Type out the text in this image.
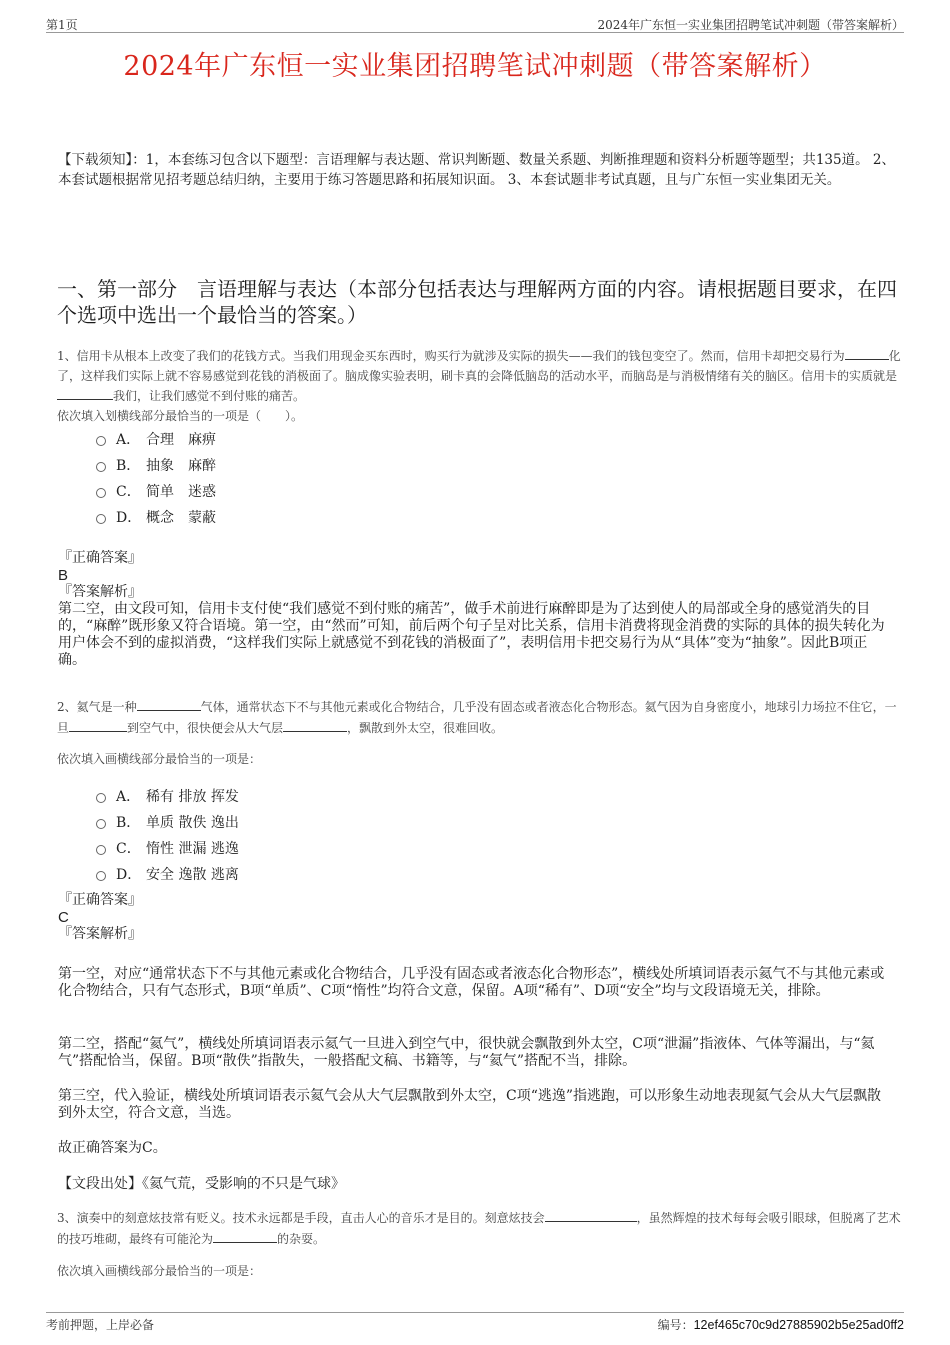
第1页	2024年广东恒一实业集团招聘笔试冲刺题（带答案解析）
2024年广东恒一实业集团招聘笔试冲刺题（带答案解析）
【下载须知】：1，本套练习包含以下题型：言语理解与表达题、常识判断题、数量关系题、判断推理题和资料分析题等题型；共135道。 2、本套试题根据常见招考题总结归纳，主要用于练习答题思路和拓展知识面。 3、本套试题非考试真题，且与广东恒一实业集团无关。
一、第一部分　言语理解与表达（本部分包括表达与理解两方面的内容。请根据题目要求，在四个选项中选出一个最恰当的答案。）
1、信用卡从根本上改变了我们的花钱方式。当我们用现金买东西时，购买行为就涉及实际的损失——我们的钱包变空了。然而，信用卡却把交易行为	化了，这样我们实际上就不容易感觉到花钱的消极面了。脑成像实验表明，刷卡真的会降低脑岛的活动水平，而脑岛是与消极情绪有关的脑区。信用卡的实质就是我们，让我们感觉不到付账的痛苦。
依次填入划横线部分最恰当的一项是（　　）。
A． 合理　麻痹
B． 抽象　麻醉
C． 简单　迷惑
D． 概念　蒙蔽
『正确答案』
B
『答案解析』
第二空，由文段可知，信用卡支付使“我们感觉不到付账的痛苦”，做手术前进行麻醉即是为了达到使人的局部或全身的感觉消失的目的，“麻醉”既形象又符合语境。第一空，由“然而”可知，前后两个句子呈对比关系，信用卡消费将现金消费的实际的具体的损失转化为用户体会不到的虚拟消费，“这样我们实际上就感觉不到花钱的消极面了”，表明信用卡把交易行为从“具体”变为“抽象”。因此B项正确。
2、氦气是一种	气体，通常状态下不与其他元素或化合物结合，几乎没有固态或者液态化合物形态。氦气因为自身密度小，地球引力场拉不住它，一旦	到空气中，很快便会从大气层	，飘散到外太空，很难回收。
依次填入画横线部分最恰当的一项是：
A． 稀有 排放 挥发
B． 单质 散佚 逸出
C． 惰性 泄漏 逃逸
D． 安全 逸散 逃离
『正确答案』
C
『答案解析』
第一空，对应“通常状态下不与其他元素或化合物结合，几乎没有固态或者液态化合物形态”，横线处所填词语表示氦气不与其他元素或化合物结合，只有气态形式，B项“单质”、C项“惰性”均符合文意，保留。A项“稀有”、D项“安全”均与文段语境无关，排除。
第二空，搭配“氦气”，横线处所填词语表示氦气一旦进入到空气中，很快就会飘散到外太空，C项“泄漏”指液体、气体等漏出，与“氦气”搭配恰当，保留。B项“散佚”指散失，一般搭配文稿、书籍等，与“氦气”搭配不当，排除。
第三空，代入验证，横线处所填词语表示氦气会从大气层飘散到外太空，C项“逃逸”指逃跑，可以形象生动地表现氦气会从大气层飘散到外太空，符合文意，当选。
故正确答案为C。
【文段出处】《氦气荒，受影响的不只是气球》
3、演奏中的刻意炫技常有贬义。技术永远都是手段，直击人心的音乐才是目的。刻意炫技会	，虽然辉煌的技术每每会吸引眼球，但脱离了艺术的技巧堆砌，最终有可能沦为	的杂耍。
依次填入画横线部分最恰当的一项是：
考前押题，上岸必备	编号：12ef465c70c9d27885902b5e25ad0ff2
